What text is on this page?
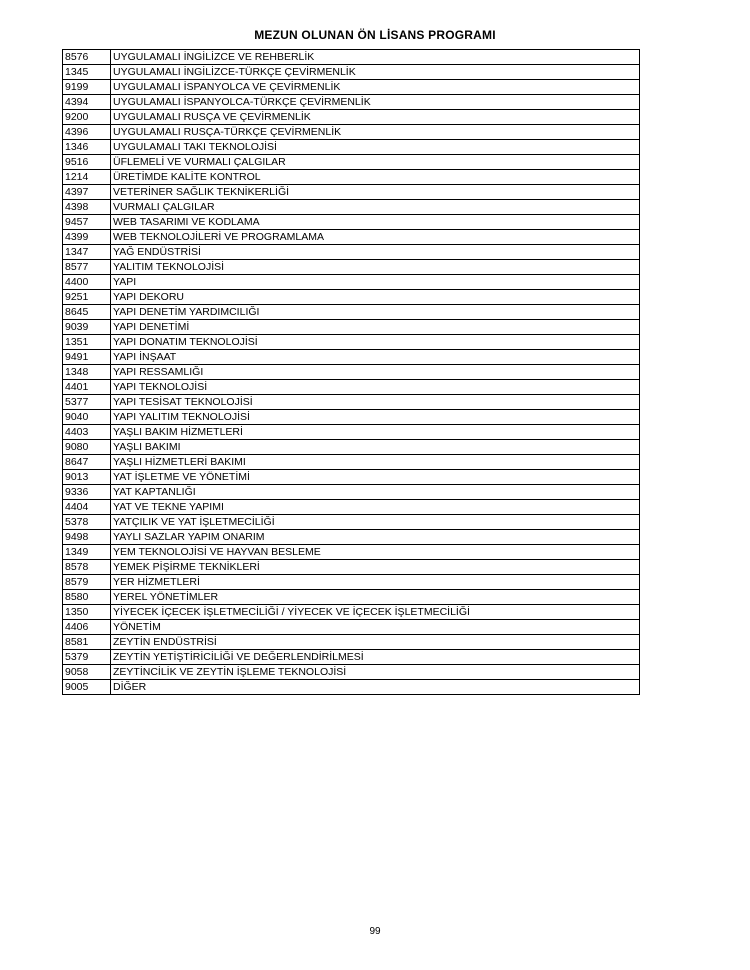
MEZUN OLUNAN ÖN LİSANS PROGRAMI
8576	UYGULAMALI İNGİLİZCE VE REHBERLİK
1345	UYGULAMALI İNGİLİZCE-TÜRKÇE ÇEVİRMENLİK
9199	UYGULAMALI İSPANYOLCA VE ÇEVİRMENLİK
4394	UYGULAMALI İSPANYOLCA-TÜRKÇE ÇEVİRMENLİK
9200	UYGULAMALI RUSÇA VE ÇEVİRMENLİK
4396	UYGULAMALI RUSÇA-TÜRKÇE ÇEVİRMENLİK
1346	UYGULAMALI TAKI TEKNOLOJİSİ
9516	ÜFLEMELİ VE VURMALI ÇALGILAR
1214	ÜRETİMDE KALİTE KONTROL
4397	VETERİNER SAĞLIK TEKNİKERLİĞİ
4398	VURMALI ÇALGILAR
9457	WEB TASARIMI VE KODLAMA
4399	WEB TEKNOLOJİLERİ VE PROGRAMLAMA
1347	YAĞ ENDÜSTRİSİ
8577	YALITIM TEKNOLOJİSİ
4400	YAPI
9251	YAPI DEKORU
8645	YAPI DENETİM YARDIMCILIĞI
9039	YAPI DENETİMİ
1351	YAPI DONATIM TEKNOLOJİSİ
9491	YAPI İNŞAAT
1348	YAPI RESSAMLIĞI
4401	YAPI TEKNOLOJİSİ
5377	YAPI TESİSAT TEKNOLOJİSİ
9040	YAPI YALITIM TEKNOLOJİSİ
4403	YAŞLI BAKIM HİZMETLERİ
9080	YAŞLI BAKIMI
8647	YAŞLI HİZMETLERİ BAKIMI
9013	YAT İŞLETME VE YÖNETİMİ
9336	YAT KAPTANLIĞI
4404	YAT VE TEKNE YAPIMI
5378	YATÇILIK VE YAT İŞLETMECİLİĞİ
9498	YAYLI SAZLAR YAPIM ONARIM
1349	YEM TEKNOLOJİSİ VE HAYVAN BESLEME
8578	YEMEK PİŞİRME TEKNİKLERİ
8579	YER HİZMETLERİ
8580	YEREL YÖNETİMLER
1350	YİYECEK İÇECEK İŞLETMECİLİĞİ / YİYECEK VE İÇECEK İŞLETMECİLİĞİ
4406	YÖNETİM
8581	ZEYTİN ENDÜSTRİSİ
5379	ZEYTİN YETİŞTİRİCİLİĞİ VE DEĞERLENDİRİLMESİ
9058	ZEYTİNCİLİK VE ZEYTİN İŞLEME TEKNOLOJİSİ
9005	DİĞER
99
